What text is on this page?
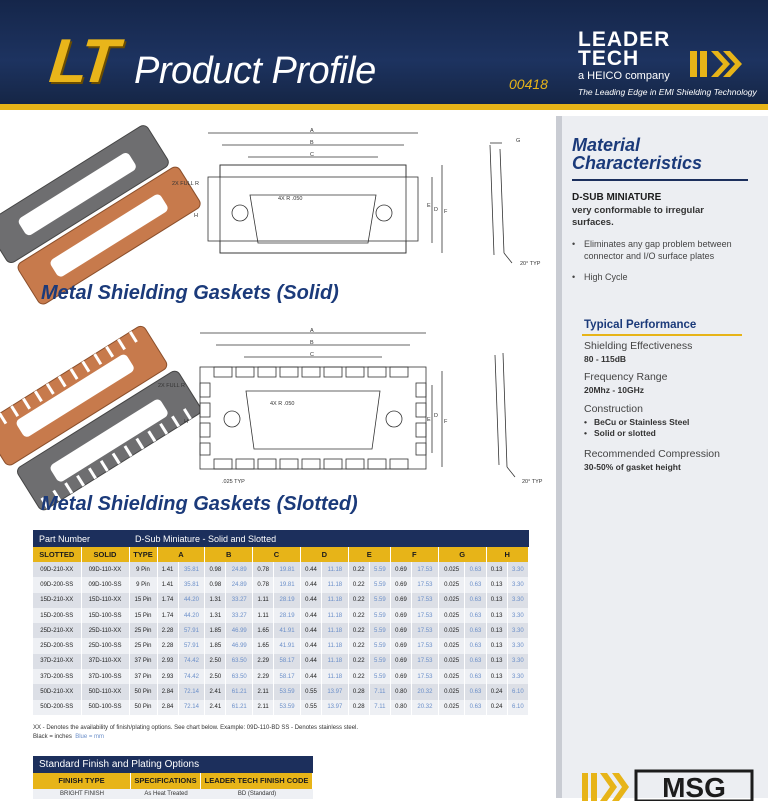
LT Product Profile	00418
LEADER
TECH
a HEICO company
The Leading Edge in EMI Shielding Technology
A
B
C
E
F
D
G
H
2X FULL R
4X R .050
20° TYP
Metal Shielding Gaskets (Solid)
A
B
C
D
E F
H
2X FULL R
4X R .050
.025 TYP	20° TYP
Metal Shielding Gaskets (Slotted)
Part Number		D-Sub Miniature - Solid and Slotted																
SLOTTED	SOLID	TYPE	A		B		C		D		E		F		G		H	
09D-210-XX	09D-110-XX	9 Pin	1.41	35.81	0.98	24.89	0.78	19.81	0.44	11.18	0.22	5.59	0.69	17.53	0.025	0.63	0.13	3.30
09D-200-SS	09D-100-SS	9 Pin	1.41	35.81	0.98	24.89	0.78	19.81	0.44	11.18	0.22	5.59	0.69	17.53	0.025	0.63	0.13	3.30
15D-210-XX	15D-110-XX	15 Pin	1.74	44.20	1.31	33.27	1.11	28.19	0.44	11.18	0.22	5.59	0.69	17.53	0.025	0.63	0.13	3.30
15D-200-SS	15D-100-SS	15 Pin	1.74	44.20	1.31	33.27	1.11	28.19	0.44	11.18	0.22	5.59	0.69	17.53	0.025	0.63	0.13	3.30
25D-210-XX	25D-110-XX	25 Pin	2.28	57.91	1.85	46.99	1.65	41.91	0.44	11.18	0.22	5.59	0.69	17.53	0.025	0.63	0.13	3.30
25D-200-SS	25D-100-SS	25 Pin	2.28	57.91	1.85	46.99	1.65	41.91	0.44	11.18	0.22	5.59	0.69	17.53	0.025	0.63	0.13	3.30
37D-210-XX	37D-110-XX	37 Pin	2.93	74.42	2.50	63.50	2.29	58.17	0.44	11.18	0.22	5.59	0.69	17.53	0.025	0.63	0.13	3.30
37D-200-SS	37D-100-SS	37 Pin	2.93	74.42	2.50	63.50	2.29	58.17	0.44	11.18	0.22	5.59	0.69	17.53	0.025	0.63	0.13	3.30
50D-210-XX	50D-110-XX	50 Pin	2.84	72.14	2.41	61.21	2.11	53.59	0.55	13.97	0.28	7.11	0.80	20.32	0.025	0.63	0.24	6.10
50D-200-SS	50D-100-SS	50 Pin	2.84	72.14	2.41	61.21	2.11	53.59	0.55	13.97	0.28	7.11	0.80	20.32	0.025	0.63	0.24	6.10
XX - Denotes the availability of finish/plating options. See chart below. Example: 09D-110-BD SS - Denotes stainless steel.
Black = inches Blue = mm
Standard Finish and Plating Options
FINISH TYPE	SPECIFICATIONS	LEADER TECH FINISH CODE
BRIGHT FINISH	As Heat Treated	BD (Standard)
Material
Characteristics
D-SUB MINIATURE
very conformable to irregular surfaces.
• Eliminates any gap problem between connector and I/O surface plates
• High Cycle
Typical Performance
Shielding Effectiveness
80 - 115dB
Frequency Range
20Mhz - 10GHz
Construction
• BeCu or Stainless Steel
• Solid or slotted
Recommended Compression
30-50% of gasket height
MSG
